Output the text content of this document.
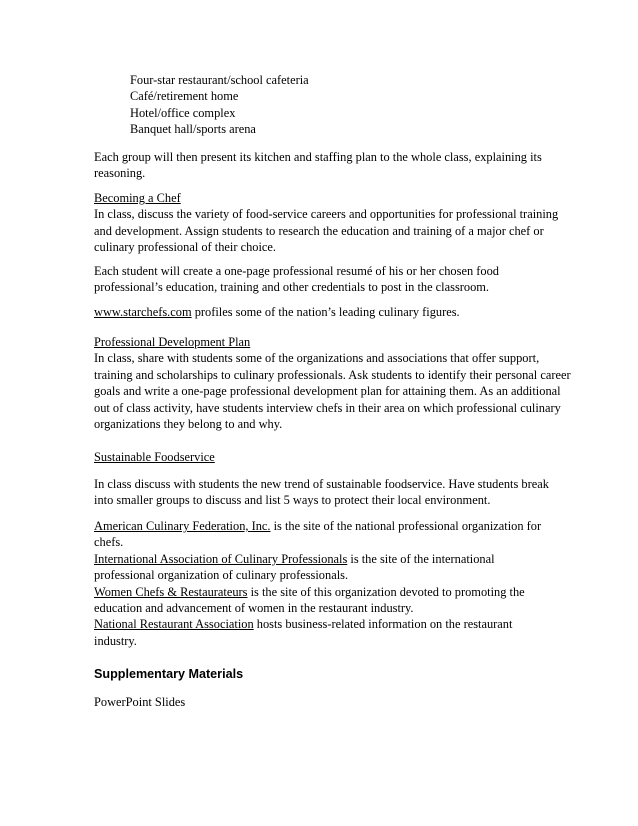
Four-star restaurant/school cafeteria
Café/retirement home
Hotel/office complex
Banquet hall/sports arena

Each group will then present its kitchen and staffing plan to the whole class, explaining its reasoning.

Becoming a Chef

In class, discuss the variety of food-service careers and opportunities for professional training and development. Assign students to research the education and training of a major chef or culinary professional of their choice.

Each student will create a one-page professional resumé of his or her chosen food professional’s education, training and other credentials to post in the classroom.

www.starchefs.com profiles some of the nation’s leading culinary figures.

Professional Development Plan

In class, share with students some of the organizations and associations that offer support, training and scholarships to culinary professionals. Ask students to identify their personal career goals and write a one-page professional development plan for attaining them. As an additional out of class activity, have students interview chefs in their area on which professional culinary organizations they belong to and why.

Sustainable Foodservice

In class discuss with students the new trend of sustainable foodservice. Have students break into smaller groups to discuss and list 5 ways to protect their local environment.

American Culinary Federation, Inc. is the site of the national professional organization for chefs.

International Association of Culinary Professionals is the site of the international professional organization of culinary professionals.

Women Chefs & Restaurateurs is the site of this organization devoted to promoting the education and advancement of women in the restaurant industry.

National Restaurant Association hosts business-related information on the restaurant industry.

Supplementary Materials

PowerPoint Slides
